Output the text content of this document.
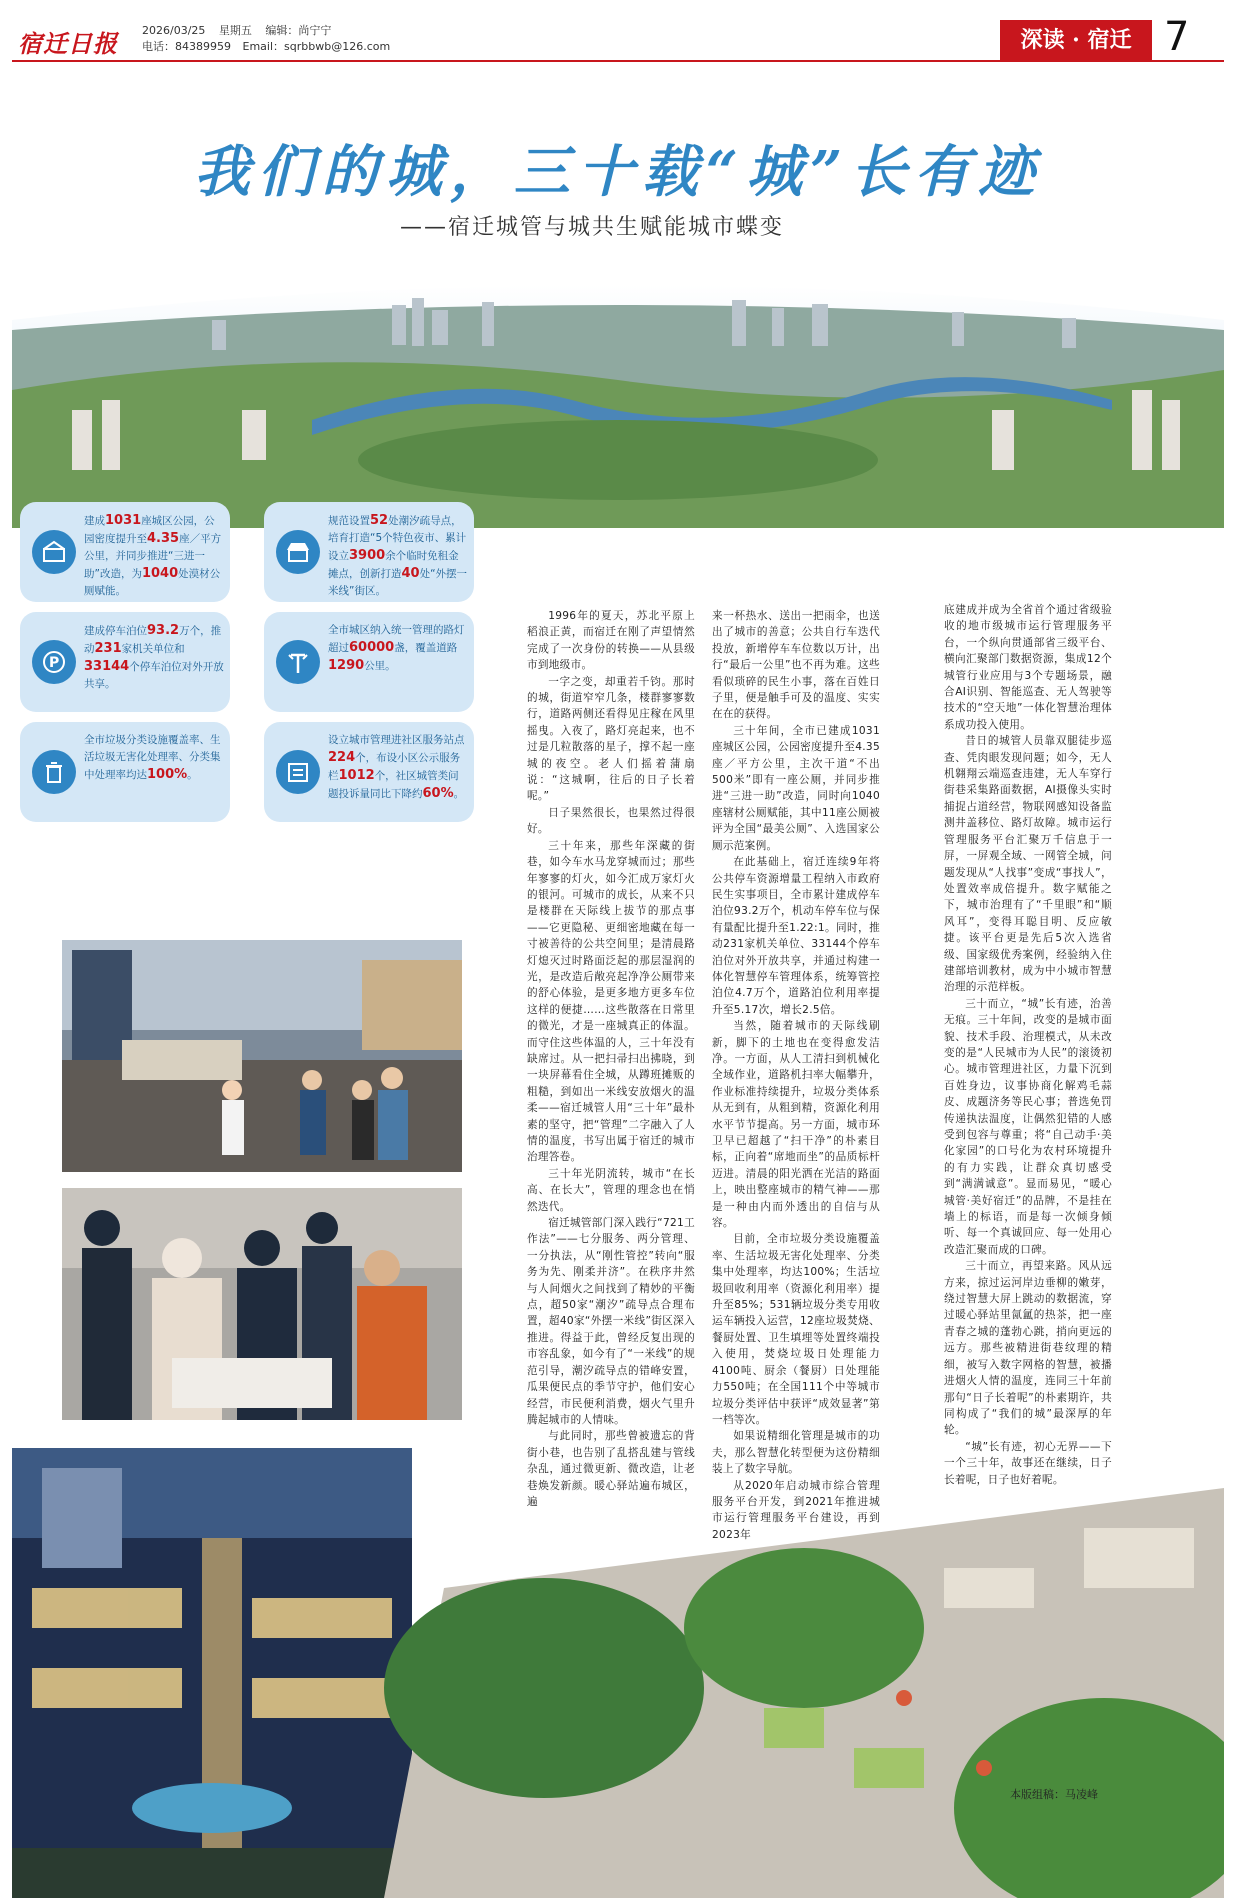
宿迁日报 2026/03/25 星期五 编辑：尚宁宁
电话：84389959 Email：sqrbbwb@126.com	深读 · 宿迁 7
我们的城，三十载“城”长有迹
——宿迁城管与城共生赋能城市蝶变
建成1031座城区公园，公园密度提升至4.35座／平方公里，并同步推进“三进一助”改造，为1040处漠材公厕赋能。
规范设置52处潮汐疏导点，培育打造“5个特色夜市、累计设立3900余个临时免租金摊点，创新打造40处“外摆一米线”街区。
P
建成停车泊位93.2万个，推动231家机关单位和33144个停车泊位对外开放共享。
全市城区纳入统一管理的路灯超过60000盏，覆盖道路1290公里。
全市垃圾分类设施覆盖率、生活垃圾无害化处理率、分类集中处理率均达100%。
设立城市管理进社区服务站点224个，布设小区公示服务栏1012个，社区城管类问题投诉量同比下降约60%。

1996年的夏天，苏北平原上稻浪正黄，而宿迁在刚了声望情然完成了一次身份的转换——从县级市到地级市。

一字之变，却重若千钧。那时的城，街道窄窄几条，楼群寥寥数行，道路两侧还看得见庄稼在风里摇曳。入夜了，路灯亮起来，也不过是几粒散落的星子，撑不起一座城的夜空。老人们摇着蒲扇说：“这城啊，往后的日子长着呢。”

日子果然很长，也果然过得很好。

三十年来，那些年深藏的街巷，如今车水马龙穿城而过；那些年寥寥的灯火，如今汇成万家灯火的银河。可城市的成长，从来不只是楼群在天际线上拔节的那点事——它更隐秘、更细密地藏在每一寸被善待的公共空间里；是清晨路灯熄灭过时路面泛起的那层湿润的光，是改造后敞亮起净净公厕带来的舒心体验，是更多地方更多车位这样的便捷……这些散落在日常里的微光，才是一座城真正的体温。而守住这些体温的人，三十年没有缺席过。从一把扫帚扫出拂晓，到一块屏幕看住全城，从蹲班摊贩的粗糙，到如出一米线安放烟火的温柔——宿迁城管人用“三十年”最朴素的坚守，把“管理”二字融入了人情的温度，书写出属于宿迁的城市治理答卷。

三十年光阴流转，城市“在长高、在长大”，管理的理念也在悄然迭代。

宿迁城管部门深入践行“721工作法”——七分服务、两分管理、一分执法，从“刚性管控”转向“服务为先、刚柔并济”。在秩序井然与人间烟火之间找到了精妙的平衡点，超50家“潮汐”疏导点合理布置，超40家“外摆一米线”街区深入推进。得益于此，曾经反复出现的市容乱象，如今有了“一米线”的规范引导，潮汐疏导点的错峰安置，瓜果便民点的季节守护，他们安心经营，市民便利消费，烟火气里升腾起城市的人情味。

与此同时，那些曾被遗忘的背街小巷，也告别了乱搭乱建与管线杂乱，通过微更新、微改造，让老巷焕发新颜。暖心驿站遍布城区，遍

来一杯热水、送出一把雨伞，也送出了城市的善意；公共自行车迭代投放，新增停车车位数以万计，出行“最后一公里”也不再为难。这些看似琐碎的民生小事，落在百姓日子里，便是触手可及的温度、实实在在的获得。

三十年间，全市已建成1031座城区公园，公园密度提升至4.35座／平方公里，主次干道“不出500米”即有一座公厕，并同步推进“三进一助”改造，同时向1040座辖材公厕赋能，其中11座公厕被评为全国“最美公厕”、入选国家公厕示范案例。

在此基础上，宿迁连续9年将公共停车资源增量工程纳入市政府民生实事项目，全市累计建成停车泊位93.2万个，机动车停车位与保有量配比提升至1.22:1。同时，推动231家机关单位、33144个停车泊位对外开放共享，并通过构建一体化智慧停车管理体系，统筹管控泊位4.7万个，道路泊位利用率提升至5.17次，增长2.5倍。

当然，随着城市的天际线刷新，脚下的土地也在变得愈发洁净。一方面，从人工清扫到机械化全域作业，道路机扫率大幅攀升，作业标准持续提升，垃圾分类体系从无到有，从粗到精，资源化利用水平节节提高。另一方面，城市环卫早已超越了“扫干净”的朴素目标，正向着“席地而坐”的品质标杆迈进。清晨的阳光洒在光洁的路面上，映出整座城市的精气神——那是一种由内而外透出的自信与从容。

目前，全市垃圾分类设施覆盖率、生活垃圾无害化处理率、分类集中处理率，均达100%；生活垃圾回收利用率（资源化利用率）提升至85%；531辆垃圾分类专用收运车辆投入运营，12座垃圾焚烧、餐厨处置、卫生填埋等处置终端投入使用，焚烧垃圾日处理能力4100吨、厨余（餐厨）日处理能力550吨；在全国111个中等城市垃圾分类评估中获评“成效显著”第一档等次。

如果说精细化管理是城市的功夫，那么智慧化转型便为这份精细装上了数字导航。

从2020年启动城市综合管理服务平台开发，到2021年推进城市运行管理服务平台建设，再到2023年

底建成并成为全省首个通过省级验收的地市级城市运行管理服务平台，一个纵向贯通部省三级平台、横向汇聚部门数据资源，集成12个城管行业应用与3个专题场景，融合AI识别、智能巡查、无人驾驶等技术的“空天地”一体化智慧治理体系成功投入使用。

昔日的城管人员靠双腿徒步巡查、凭肉眼发现问题；如今，无人机翱翔云端巡查违建，无人车穿行街巷采集路面数据，AI摄像头实时捕捉占道经营，物联网感知设备监测井盖移位、路灯故障。城市运行管理服务平台汇聚万千信息于一屏，一屏观全域、一网管全城，问题发现从“人找事”变成“事找人”，处置效率成倍提升。数字赋能之下，城市治理有了“千里眼”和“顺风耳”，变得耳聪目明、反应敏捷。该平台更是先后5次入选省级、国家级优秀案例，经验纳入住建部培训教材，成为中小城市智慧治理的示范样板。

三十而立，“城”长有迹，治善无痕。三十年间，改变的是城市面貌、技术手段、治理模式，从未改变的是“人民城市为人民”的滚烫初心。城市管理进社区，力量下沉到百姓身边，议事协商化解鸡毛蒜皮、成题济务等民心事；普选免罚传递执法温度，让偶然犯错的人感受到包容与尊重；将“自己动手·美化家园”的口号化为农村环境提升的有力实践，让群众真切感受到“满满诚意”。显而易见，“暖心城管·美好宿迁”的品牌，不是挂在墙上的标语，而是每一次倾身倾听、每一个真诚回应、每一处用心改造汇聚而成的口碑。

三十而立，再望来路。风从远方来，掠过运河岸边垂柳的嫩芽，绕过智慧大屏上跳动的数据流，穿过暖心驿站里氤氲的热茶，把一座青春之城的蓬勃心跳，捎向更远的远方。那些被精进街巷纹理的精细，被写入数字网格的智慧，被播进烟火人情的温度，连同三十年前那句“日子长着呢”的朴素期许，共同构成了“我们的城”最深厚的年轮。

“城”长有迹，初心无界——下一个三十年，故事还在继续，日子长着呢，日子也好着呢。

本版组稿：马凌峰
